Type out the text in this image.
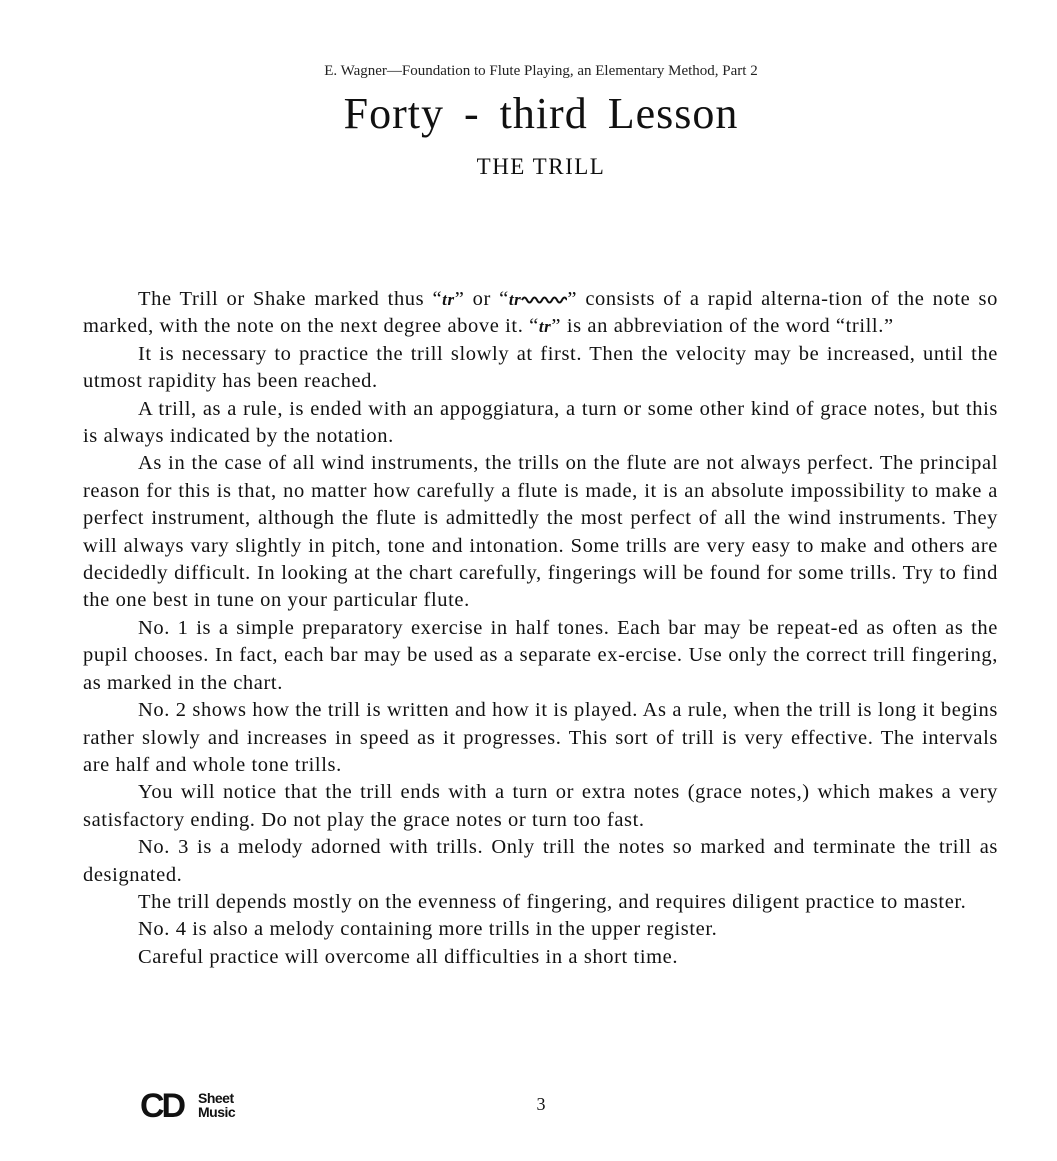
E. Wagner—Foundation to Flute Playing, an Elementary Method, Part 2
Forty - third Lesson
THE TRILL

The Trill or Shake marked thus “tr” or “tr ” consists of a rapid alterna-tion of the note so marked, with the note on the next degree above it. “tr” is an abbreviation of the word “trill.”

It is necessary to practice the trill slowly at first. Then the velocity may be increased, until the utmost rapidity has been reached.

A trill, as a rule, is ended with an appoggiatura, a turn or some other kind of grace notes, but this is always indicated by the notation.

As in the case of all wind instruments, the trills on the flute are not always perfect. The principal reason for this is that, no matter how carefully a flute is made, it is an absolute impossibility to make a perfect instrument, although the flute is admittedly the most perfect of all the wind instruments. They will always vary slightly in pitch, tone and intonation. Some trills are very easy to make and others are decidedly difficult. In looking at the chart carefully, fingerings will be found for some trills. Try to find the one best in tune on your particular flute.

No. 1 is a simple preparatory exercise in half tones. Each bar may be repeat-ed as often as the pupil chooses. In fact, each bar may be used as a separate ex-ercise. Use only the correct trill fingering, as marked in the chart.

No. 2 shows how the trill is written and how it is played. As a rule, when the trill is long it begins rather slowly and increases in speed as it progresses. This sort of trill is very effective. The intervals are half and whole tone trills.

You will notice that the trill ends with a turn or extra notes (grace notes,) which makes a very satisfactory ending. Do not play the grace notes or turn too fast.

No. 3 is a melody adorned with trills. Only trill the notes so marked and terminate the trill as designated.

The trill depends mostly on the evenness of fingering, and requires diligent practice to master.

No. 4 is also a melody containing more trills in the upper register.

Careful practice will overcome all difficulties in a short time.

CD Sheet
Music	3
